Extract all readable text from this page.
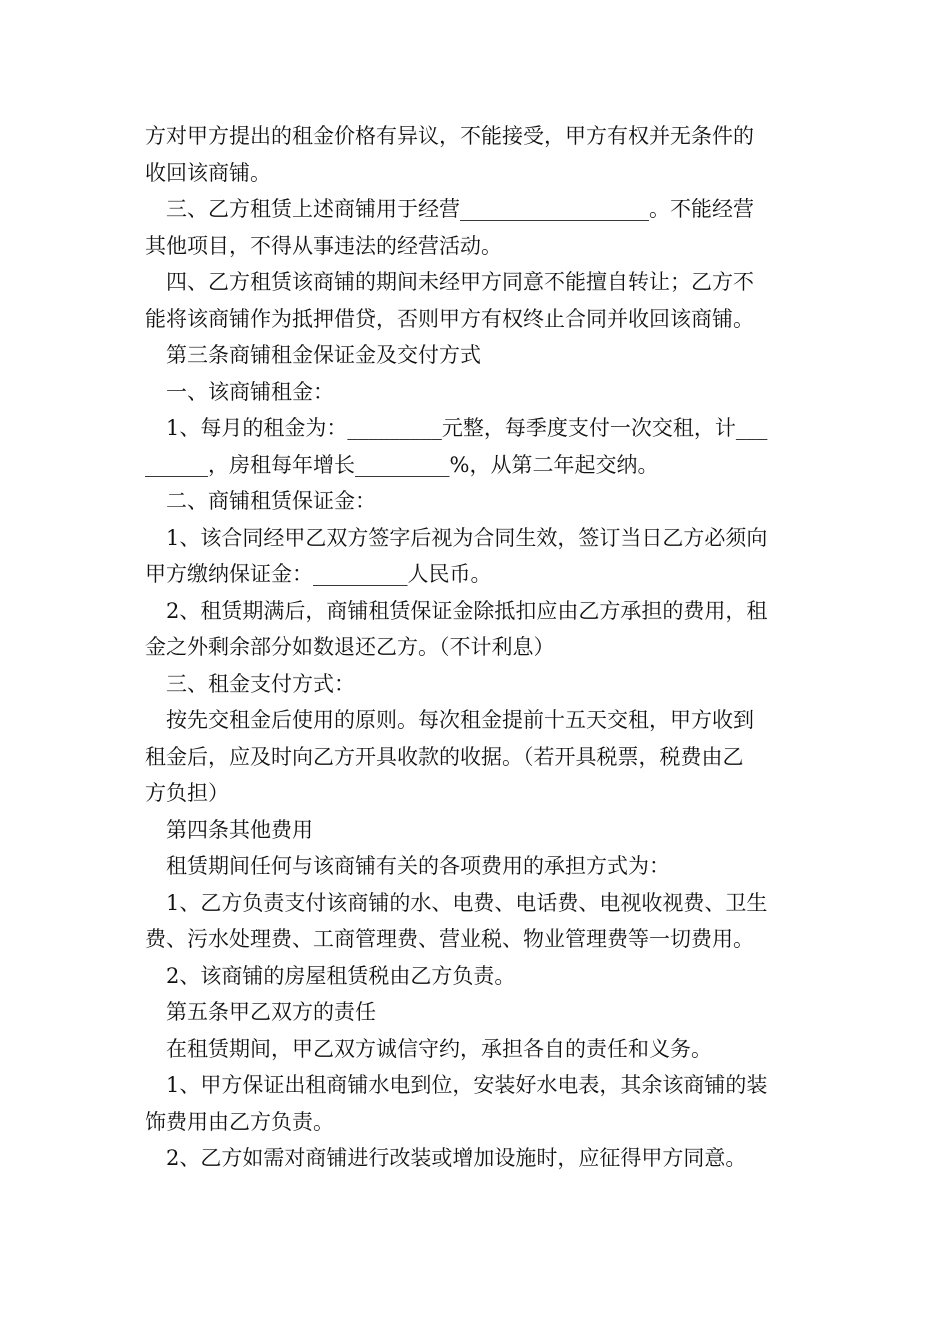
方对甲方提出的租金价格有异议，不能接受，甲方有权并无条件的
收回该商铺。
　三、乙方租赁上述商铺用于经营__________________。不能经营
其他项目，不得从事违法的经营活动。
　四、乙方租赁该商铺的期间未经甲方同意不能擅自转让；乙方不
能将该商铺作为抵押借贷，否则甲方有权终止合同并收回该商铺。
　第三条商铺租金保证金及交付方式
　一、该商铺租金：
　1、每月的租金为：_________元整，每季度支付一次交租，计___
______，房租每年增长_________%，从第二年起交纳。
　二、商铺租赁保证金：
　1、该合同经甲乙双方签字后视为合同生效，签订当日乙方必须向
甲方缴纳保证金：_________人民币。
　2、租赁期满后，商铺租赁保证金除抵扣应由乙方承担的费用，租
金之外剩余部分如数退还乙方。（不计利息）
　三、租金支付方式：
　按先交租金后使用的原则。每次租金提前十五天交租，甲方收到
租金后，应及时向乙方开具收款的收据。（若开具税票，税费由乙
方负担）
　第四条其他费用
　租赁期间任何与该商铺有关的各项费用的承担方式为：
　1、乙方负责支付该商铺的水、电费、电话费、电视收视费、卫生
费、污水处理费、工商管理费、营业税、物业管理费等一切费用。
　2、该商铺的房屋租赁税由乙方负责。
　第五条甲乙双方的责任
　在租赁期间，甲乙双方诚信守约，承担各自的责任和义务。
　1、甲方保证出租商铺水电到位，安装好水电表，其余该商铺的装
饰费用由乙方负责。
　2、乙方如需对商铺进行改装或增加设施时，应征得甲方同意。
